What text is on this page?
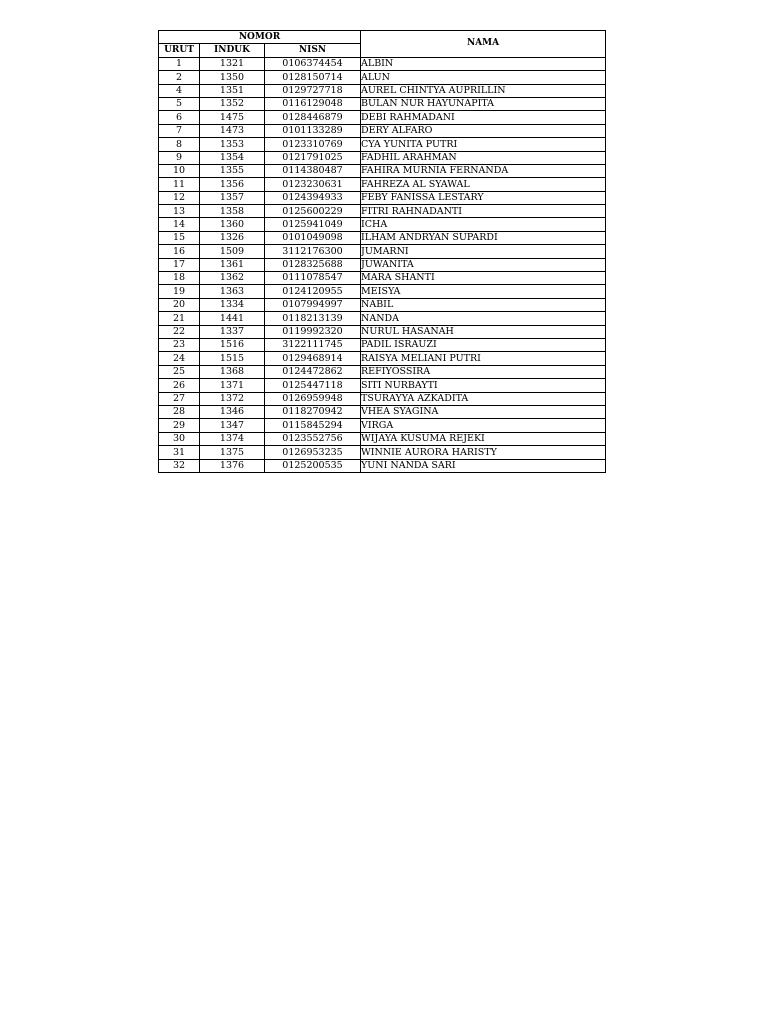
NOMOR			NAMA
URUT	INDUK	NISN	
1	1321	0106374454	ALBIN
2	1350	0128150714	ALUN
4	1351	0129727718	AUREL CHINTYA AUPRILLIN
5	1352	0116129048	BULAN NUR HAYUNAPITA
6	1475	0128446879	DEBI RAHMADANI
7	1473	0101133289	DERY ALFARO
8	1353	0123310769	CYA YUNITA PUTRI
9	1354	0121791025	FADHIL ARAHMAN
10	1355	0114380487	FAHIRA MURNIA FERNANDA
11	1356	0123230631	FAHREZA AL SYAWAL
12	1357	0124394933	FEBY FANISSA LESTARY
13	1358	0125600229	FITRI RAHNADANTI
14	1360	0125941049	ICHA
15	1326	0101049098	ILHAM ANDRYAN SUPARDI
16	1509	3112176300	JUMARNI
17	1361	0128325688	JUWANITA
18	1362	0111078547	MARA SHANTI
19	1363	0124120955	MEISYA
20	1334	0107994997	NABIL
21	1441	0118213139	NANDA
22	1337	0119992320	NURUL HASANAH
23	1516	3122111745	PADIL ISRAUZI
24	1515	0129468914	RAISYA MELIANI PUTRI
25	1368	0124472862	REFIYOSSIRA
26	1371	0125447118	SITI NURBAYTI
27	1372	0126959948	TSURAYYA AZKADITA
28	1346	0118270942	VHEA SYAGINA
29	1347	0115845294	VIRGA
30	1374	0123552756	WIJAYA KUSUMA REJEKI
31	1375	0126953235	WINNIE AURORA HARISTY
32	1376	0125200535	YUNI NANDA SARI
